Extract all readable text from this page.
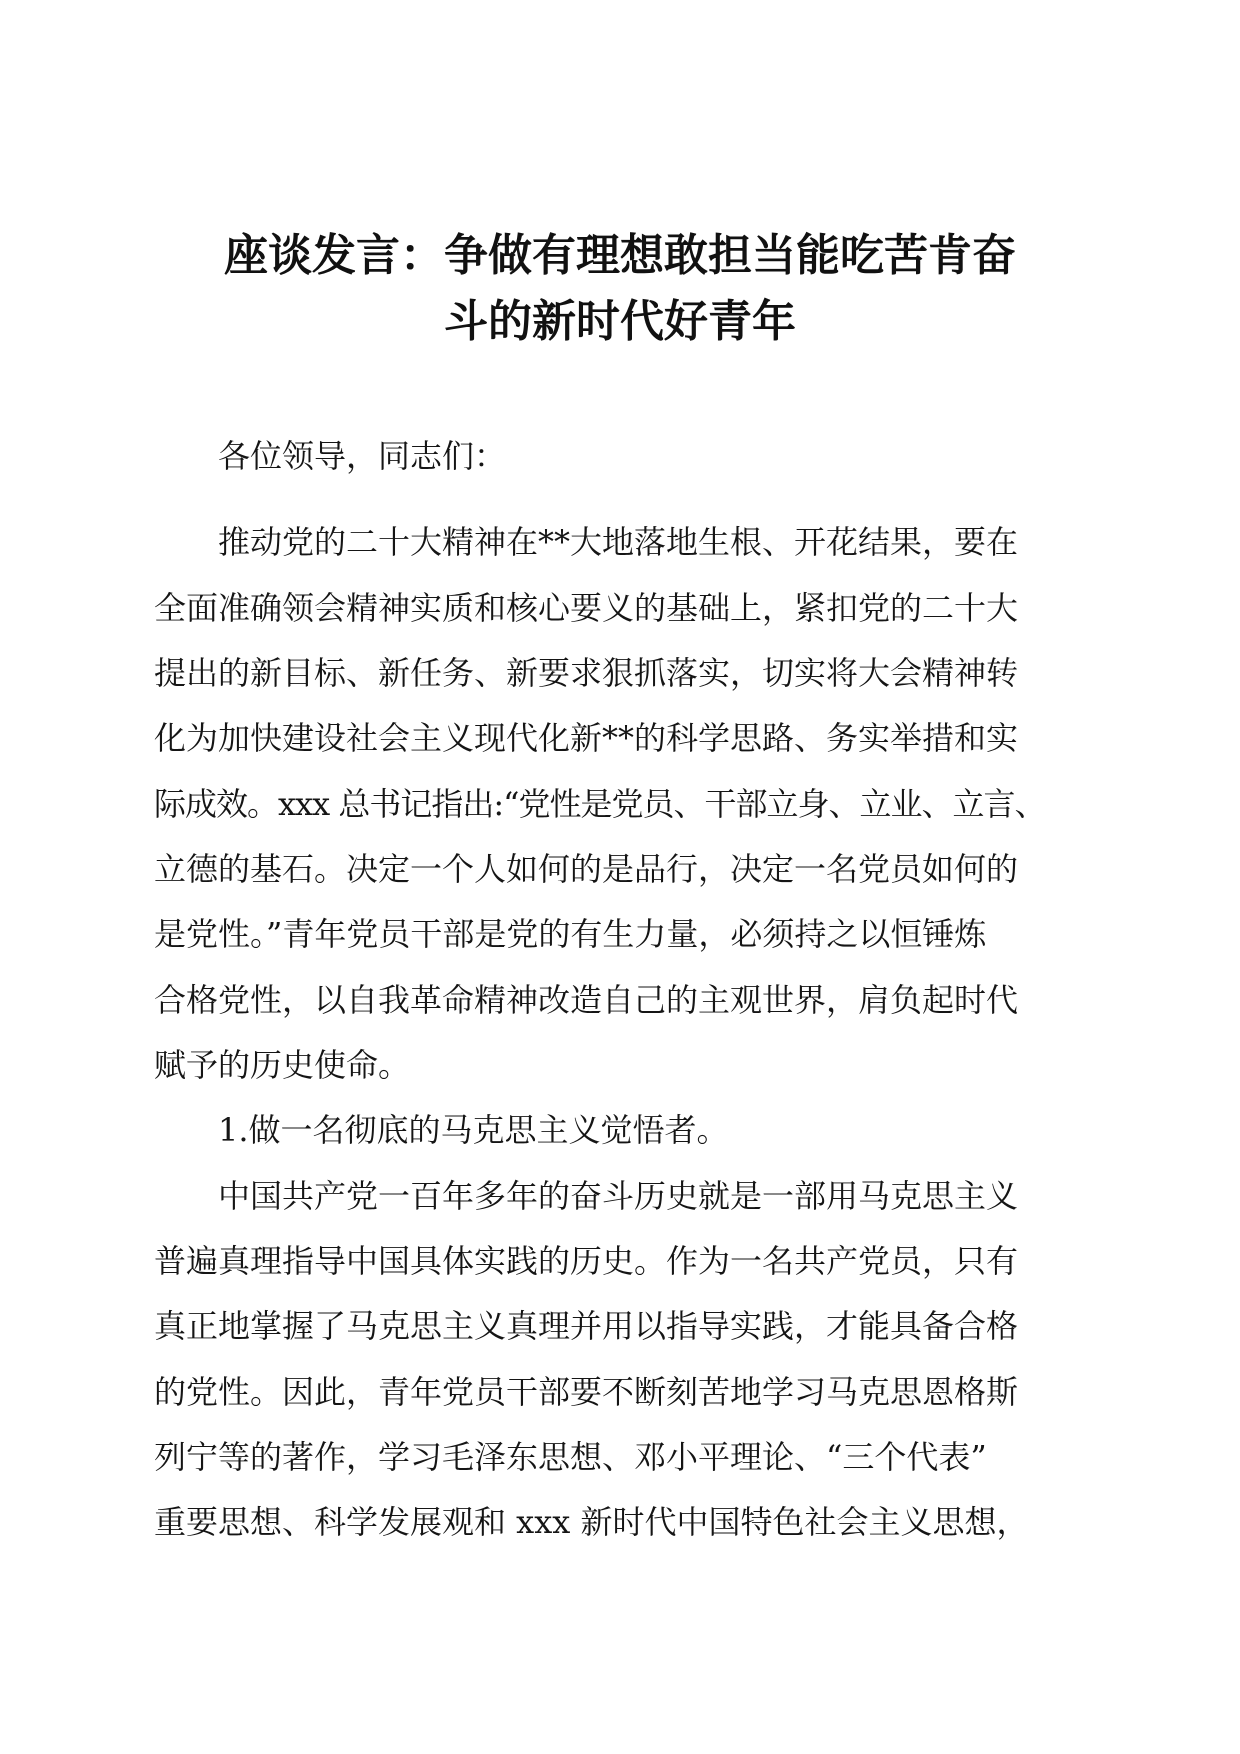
座谈发言：争做有理想敢担当能吃苦肯奋
斗的新时代好青年
各位领导，同志们：
推动党的二十大精神在**大地落地生根、开花结果，要在
全面准确领会精神实质和核心要义的基础上，紧扣党的二十大
提出的新目标、新任务、新要求狠抓落实，切实将大会精神转
化为加快建设社会主义现代化新**的科学思路、务实举措和实
际成效。xxx 总书记指出:“党性是党员、干部立身、立业、立言、
立德的基石。决定一个人如何的是品行，决定一名党员如何的
是党性。”青年党员干部是党的有生力量，必须持之以恒锤炼
合格党性，以自我革命精神改造自己的主观世界，肩负起时代
赋予的历史使命。
1.做一名彻底的马克思主义觉悟者。
中国共产党一百年多年的奋斗历史就是一部用马克思主义
普遍真理指导中国具体实践的历史。作为一名共产党员，只有
真正地掌握了马克思主义真理并用以指导实践，才能具备合格
的党性。因此，青年党员干部要不断刻苦地学习马克思恩格斯
列宁等的著作，学习毛泽东思想、邓小平理论、“三个代表”
重要思想、科学发展观和 xxx 新时代中国特色社会主义思想，
